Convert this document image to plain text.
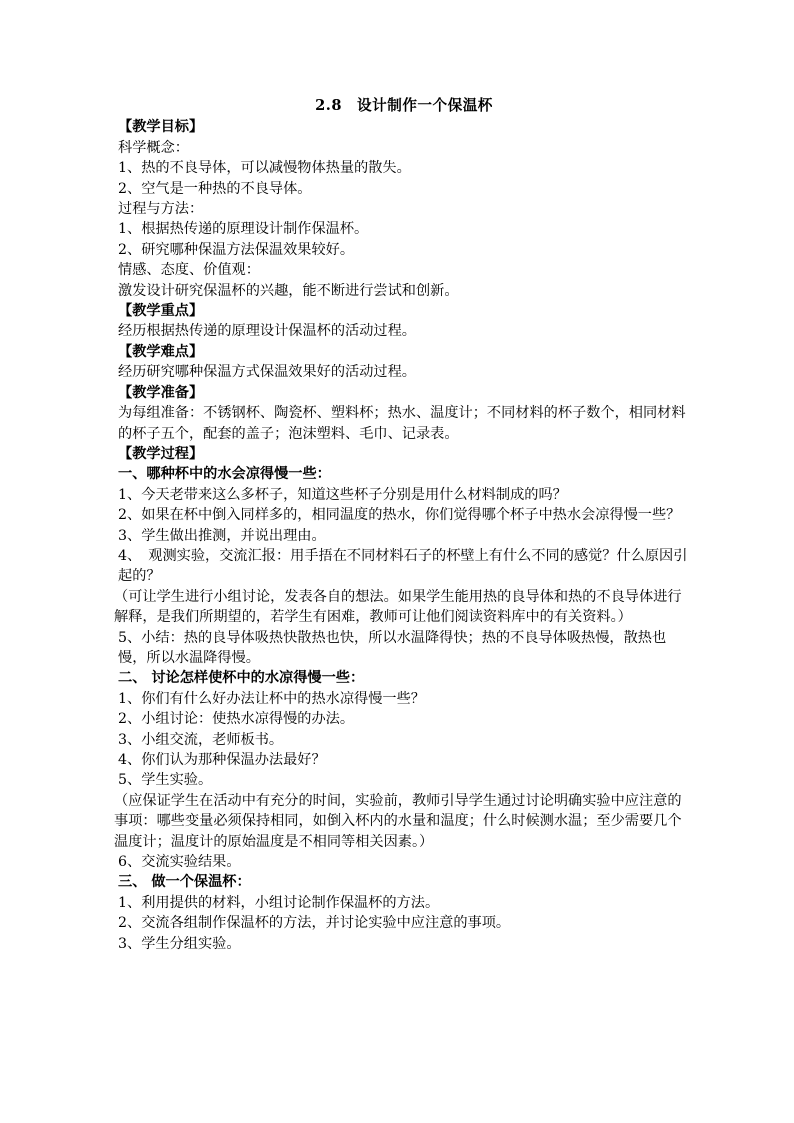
2.8　设计制作一个保温杯

【教学目标】

科学概念：

1、热的不良导体，可以减慢物体热量的散失。

2、空气是一种热的不良导体。

过程与方法：

1、根据热传递的原理设计制作保温杯。

2、研究哪种保温方法保温效果较好。

情感、态度、价值观：

激发设计研究保温杯的兴趣，能不断进行尝试和创新。

【教学重点】

经历根据热传递的原理设计保温杯的活动过程。

【教学难点】

经历研究哪种保温方式保温效果好的活动过程。

【教学准备】

为每组准备：不锈钢杯、陶瓷杯、塑料杯；热水、温度计；不同材料的杯子数个，相同材料的杯子五个，配套的盖子；泡沫塑料、毛巾、记录表。

【教学过程】

一、哪种杯中的水会凉得慢一些：

1、今天老带来这么多杯子，知道这些杯子分别是用什么材料制成的吗？

2、如果在杯中倒入同样多的，相同温度的热水，你们觉得哪个杯子中热水会凉得慢一些？

3、学生做出推测，并说出理由。

4、　观测实验，交流汇报：用手捂在不同材料石子的杯壁上有什么不同的感觉？什么原因引起的？

（可让学生进行小组讨论，发表各自的想法。如果学生能用热的良导体和热的不良导体进行解释，是我们所期望的，若学生有困难，教师可让他们阅读资料库中的有关资料。）

5、小结：热的良导体吸热快散热也快，所以水温降得快；热的不良导体吸热慢，散热也慢，所以水温降得慢。

二、 讨论怎样使杯中的水凉得慢一些：

1、你们有什么好办法让杯中的热水凉得慢一些？

2、小组讨论：使热水凉得慢的办法。

3、小组交流，老师板书。

4、你们认为那种保温办法最好？

5、学生实验。

（应保证学生在活动中有充分的时间，实验前，教师引导学生通过讨论明确实验中应注意的事项：哪些变量必须保持相同，如倒入杯内的水量和温度；什么时候测水温；至少需要几个温度计；温度计的原始温度是不相同等相关因素。）

6、交流实验结果。

三、 做一个保温杯：

1、利用提供的材料，小组讨论制作保温杯的方法。

2、交流各组制作保温杯的方法，并讨论实验中应注意的事项。

3、学生分组实验。
